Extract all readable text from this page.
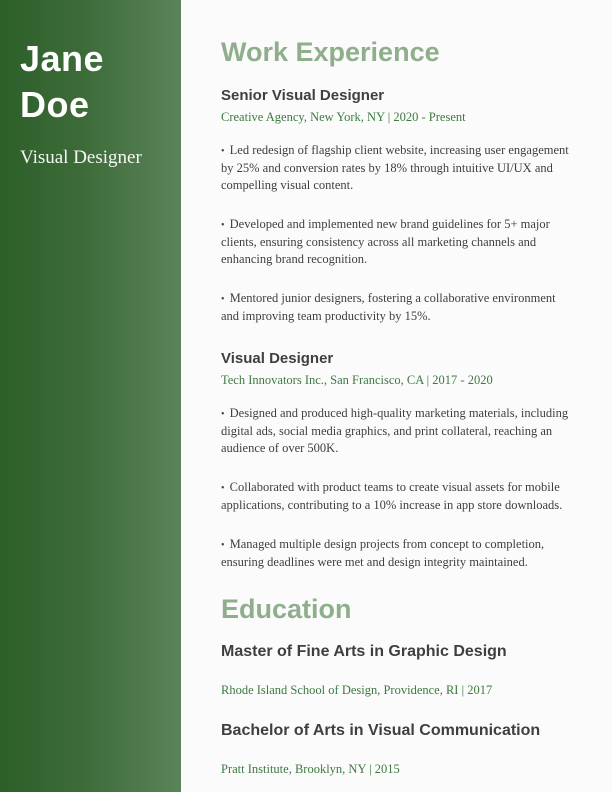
Jane
Doe
Visual Designer
Work Experience
Senior Visual Designer

Creative Agency, New York, NY | 2020 - Present

• Led redesign of flagship client website, increasing user engagement by 25% and conversion rates by 18% through intuitive UI/UX and compelling visual content.

• Developed and implemented new brand guidelines for 5+ major clients, ensuring consistency across all marketing channels and enhancing brand recognition.

• Mentored junior designers, fostering a collaborative environment and improving team productivity by 15%.

Visual Designer

Tech Innovators Inc., San Francisco, CA | 2017 - 2020

• Designed and produced high-quality marketing materials, including digital ads, social media graphics, and print collateral, reaching an audience of over 500K.

• Collaborated with product teams to create visual assets for mobile applications, contributing to a 10% increase in app store downloads.

• Managed multiple design projects from concept to completion, ensuring deadlines were met and design integrity maintained.

Education
Master of Fine Arts in Graphic Design

Rhode Island School of Design, Providence, RI | 2017

Bachelor of Arts in Visual Communication

Pratt Institute, Brooklyn, NY | 2015
